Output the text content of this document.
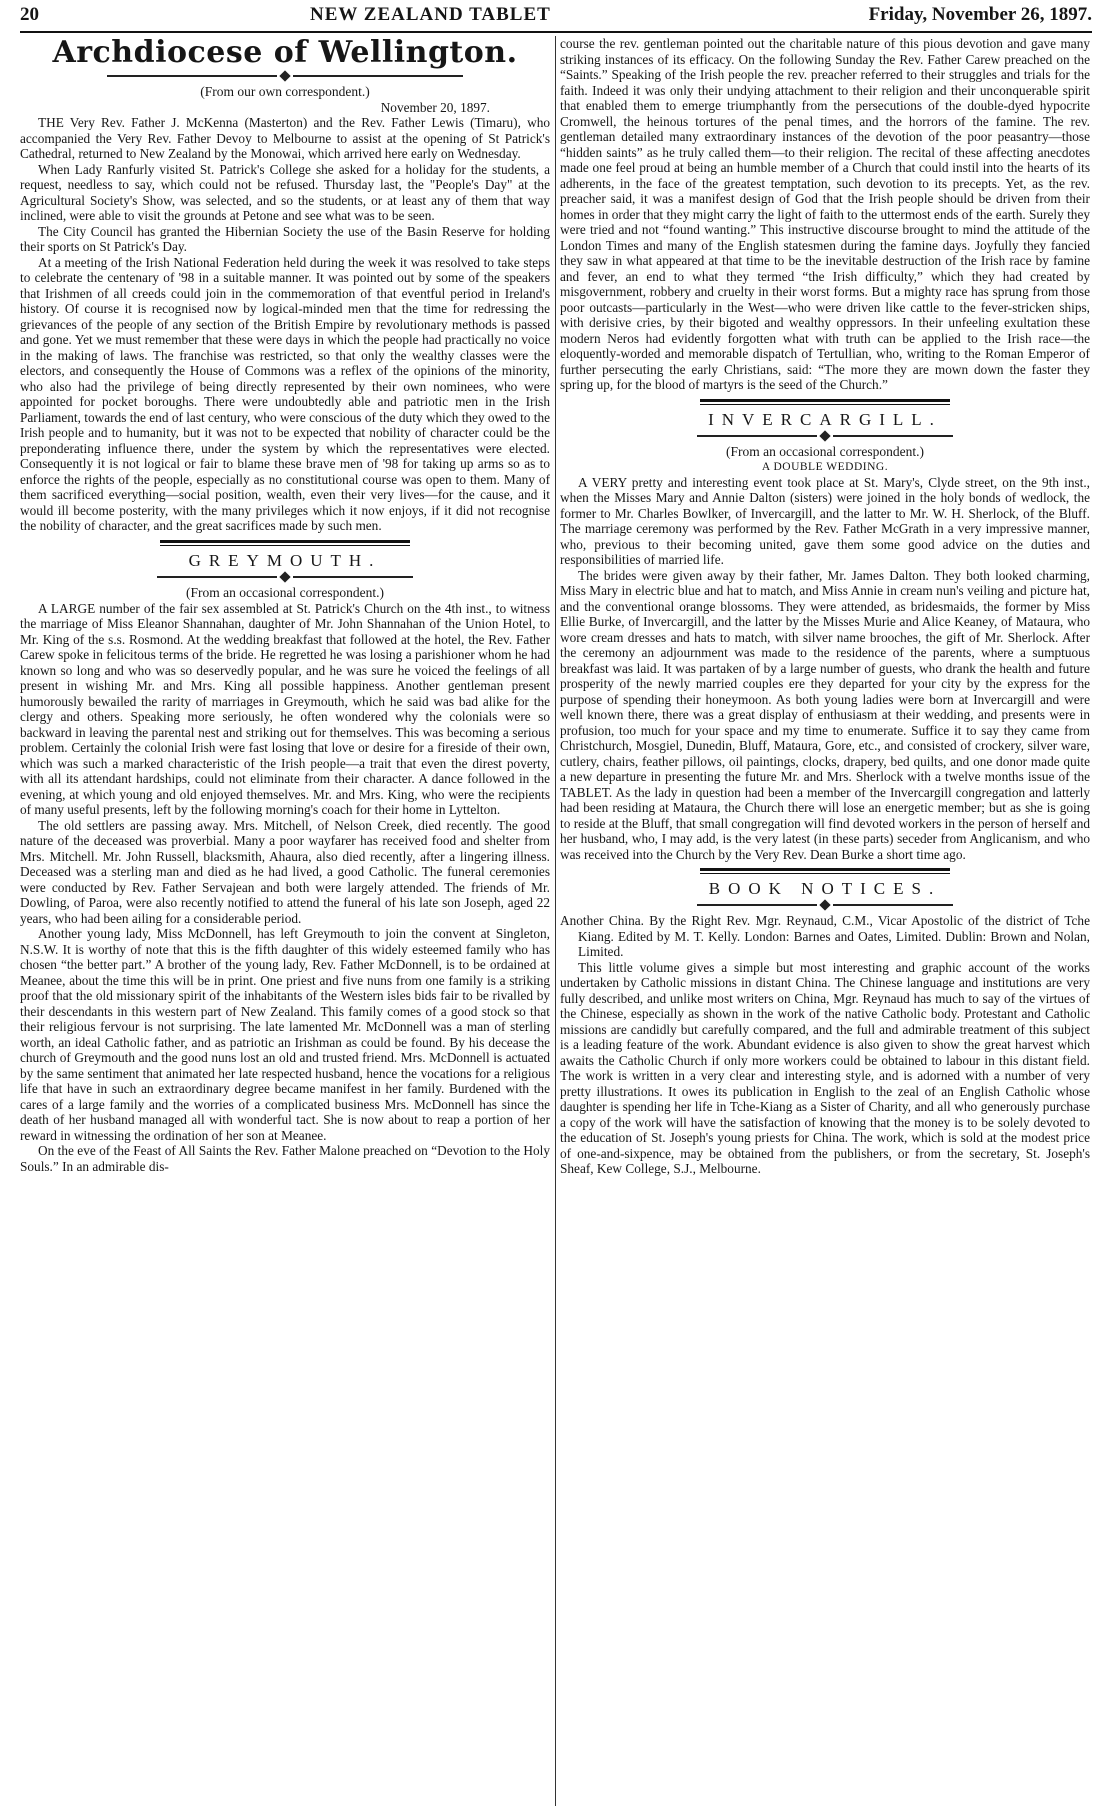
20	NEW ZEALAND TABLET	Friday, November 26, 1897.
Archdiocese of Wellington.

(From our own correspondent.)

November 20, 1897.

THE Very Rev. Father J. McKenna (Masterton) and the Rev. Father Lewis (Timaru), who accompanied the Very Rev. Father Devoy to Melbourne to assist at the opening of St Patrick's Cathedral, returned to New Zealand by the Monowai, which arrived here early on Wednesday.

When Lady Ranfurly visited St. Patrick's College she asked for a holiday for the students, a request, needless to say, which could not be refused. Thursday last, the "People's Day" at the Agricultural Society's Show, was selected, and so the students, or at least any of them that way inclined, were able to visit the grounds at Petone and see what was to be seen.

The City Council has granted the Hibernian Society the use of the Basin Reserve for holding their sports on St Patrick's Day.

At a meeting of the Irish National Federation held during the week it was resolved to take steps to celebrate the centenary of '98 in a suitable manner. It was pointed out by some of the speakers that Irishmen of all creeds could join in the commemoration of that eventful period in Ireland's history. Of course it is recognised now by logical-minded men that the time for redressing the grievances of the people of any section of the British Empire by revolutionary methods is passed and gone. Yet we must remember that these were days in which the people had practically no voice in the making of laws. The franchise was restricted, so that only the wealthy classes were the electors, and consequently the House of Commons was a reflex of the opinions of the minority, who also had the privilege of being directly represented by their own nominees, who were appointed for pocket boroughs. There were undoubtedly able and patriotic men in the Irish Parliament, towards the end of last century, who were conscious of the duty which they owed to the Irish people and to humanity, but it was not to be expected that nobility of character could be the preponderating influence there, under the system by which the representatives were elected. Consequently it is not logical or fair to blame these brave men of '98 for taking up arms so as to enforce the rights of the people, especially as no constitutional course was open to them. Many of them sacrificed everything—social position, wealth, even their very lives—for the cause, and it would ill become posterity, with the many privileges which it now enjoys, if it did not recognise the nobility of character, and the great sacrifices made by such men.

GREYMOUTH.

(From an occasional correspondent.)

A LARGE number of the fair sex assembled at St. Patrick's Church on the 4th inst., to witness the marriage of Miss Eleanor Shannahan, daughter of Mr. John Shannahan of the Union Hotel, to Mr. King of the s.s. Rosmond. At the wedding breakfast that followed at the hotel, the Rev. Father Carew spoke in felicitous terms of the bride. He regretted he was losing a parishioner whom he had known so long and who was so deservedly popular, and he was sure he voiced the feelings of all present in wishing Mr. and Mrs. King all possible happiness. Another gentleman present humorously bewailed the rarity of marriages in Greymouth, which he said was bad alike for the clergy and others. Speaking more seriously, he often wondered why the colonials were so backward in leaving the parental nest and striking out for themselves. This was becoming a serious problem. Certainly the colonial Irish were fast losing that love or desire for a fireside of their own, which was such a marked characteristic of the Irish people—a trait that even the direst poverty, with all its attendant hardships, could not eliminate from their character. A dance followed in the evening, at which young and old enjoyed themselves. Mr. and Mrs. King, who were the recipients of many useful presents, left by the following morning's coach for their home in Lyttelton.

The old settlers are passing away. Mrs. Mitchell, of Nelson Creek, died recently. The good nature of the deceased was proverbial. Many a poor wayfarer has received food and shelter from Mrs. Mitchell. Mr. John Russell, blacksmith, Ahaura, also died recently, after a lingering illness. Deceased was a sterling man and died as he had lived, a good Catholic. The funeral ceremonies were conducted by Rev. Father Servajean and both were largely attended. The friends of Mr. Dowling, of Paroa, were also recently notified to attend the funeral of his late son Joseph, aged 22 years, who had been ailing for a considerable period.

Another young lady, Miss McDonnell, has left Greymouth to join the convent at Singleton, N.S.W. It is worthy of note that this is the fifth daughter of this widely esteemed family who has chosen “the better part.” A brother of the young lady, Rev. Father McDonnell, is to be ordained at Meanee, about the time this will be in print. One priest and five nuns from one family is a striking proof that the old missionary spirit of the inhabitants of the Western isles bids fair to be rivalled by their descendants in this western part of New Zealand. This family comes of a good stock so that their religious fervour is not surprising. The late lamented Mr. McDonnell was a man of sterling worth, an ideal Catholic father, and as patriotic an Irishman as could be found. By his decease the church of Greymouth and the good nuns lost an old and trusted friend. Mrs. McDonnell is actuated by the same sentiment that animated her late respected husband, hence the vocations for a religious life that have in such an extraordinary degree became manifest in her family. Burdened with the cares of a large family and the worries of a complicated business Mrs. McDonnell has since the death of her husband managed all with wonderful tact. She is now about to reap a portion of her reward in witnessing the ordination of her son at Meanee.

On the eve of the Feast of All Saints the Rev. Father Malone preached on “Devotion to the Holy Souls.” In an admirable dis-

course the rev. gentleman pointed out the charitable nature of this pious devotion and gave many striking instances of its efficacy. On the following Sunday the Rev. Father Carew preached on the “Saints.” Speaking of the Irish people the rev. preacher referred to their struggles and trials for the faith. Indeed it was only their undying attachment to their religion and their unconquerable spirit that enabled them to emerge triumphantly from the persecutions of the double-dyed hypocrite Cromwell, the heinous tortures of the penal times, and the horrors of the famine. The rev. gentleman detailed many extraordinary instances of the devotion of the poor peasantry—those “hidden saints” as he truly called them—to their religion. The recital of these affecting anecdotes made one feel proud at being an humble member of a Church that could instil into the hearts of its adherents, in the face of the greatest temptation, such devotion to its precepts. Yet, as the rev. preacher said, it was a manifest design of God that the Irish people should be driven from their homes in order that they might carry the light of faith to the uttermost ends of the earth. Surely they were tried and not “found wanting.” This instructive discourse brought to mind the attitude of the London Times and many of the English statesmen during the famine days. Joyfully they fancied they saw in what appeared at that time to be the inevitable destruction of the Irish race by famine and fever, an end to what they termed “the Irish difficulty,” which they had created by misgovernment, robbery and cruelty in their worst forms. But a mighty race has sprung from those poor outcasts—particularly in the West—who were driven like cattle to the fever-stricken ships, with derisive cries, by their bigoted and wealthy oppressors. In their unfeeling exultation these modern Neros had evidently forgotten what with truth can be applied to the Irish race—the eloquently-worded and memorable dispatch of Tertullian, who, writing to the Roman Emperor of further persecuting the early Christians, said: “The more they are mown down the faster they spring up, for the blood of martyrs is the seed of the Church.”

INVERCARGILL.

(From an occasional correspondent.)

A DOUBLE WEDDING.

A VERY pretty and interesting event took place at St. Mary's, Clyde street, on the 9th inst., when the Misses Mary and Annie Dalton (sisters) were joined in the holy bonds of wedlock, the former to Mr. Charles Bowlker, of Invercargill, and the latter to Mr. W. H. Sherlock, of the Bluff. The marriage ceremony was performed by the Rev. Father McGrath in a very impressive manner, who, previous to their becoming united, gave them some good advice on the duties and responsibilities of married life.

The brides were given away by their father, Mr. James Dalton. They both looked charming, Miss Mary in electric blue and hat to match, and Miss Annie in cream nun's veiling and picture hat, and the conventional orange blossoms. They were attended, as bridesmaids, the former by Miss Ellie Burke, of Invercargill, and the latter by the Misses Murie and Alice Keaney, of Mataura, who wore cream dresses and hats to match, with silver name brooches, the gift of Mr. Sherlock. After the ceremony an adjournment was made to the residence of the parents, where a sumptuous breakfast was laid. It was partaken of by a large number of guests, who drank the health and future prosperity of the newly married couples ere they departed for your city by the express for the purpose of spending their honeymoon. As both young ladies were born at Invercargill and were well known there, there was a great display of enthusiasm at their wedding, and presents were in profusion, too much for your space and my time to enumerate. Suffice it to say they came from Christchurch, Mosgiel, Dunedin, Bluff, Mataura, Gore, etc., and consisted of crockery, silver ware, cutlery, chairs, feather pillows, oil paintings, clocks, drapery, bed quilts, and one donor made quite a new departure in presenting the future Mr. and Mrs. Sherlock with a twelve months issue of the TABLET. As the lady in question had been a member of the Invercargill congregation and latterly had been residing at Mataura, the Church there will lose an energetic member; but as she is going to reside at the Bluff, that small congregation will find devoted workers in the person of herself and her husband, who, I may add, is the very latest (in these parts) seceder from Anglicanism, and who was received into the Church by the Very Rev. Dean Burke a short time ago.

BOOK NOTICES.

Another China. By the Right Rev. Mgr. Reynaud, C.M., Vicar Apostolic of the district of Tche Kiang. Edited by M. T. Kelly. London: Barnes and Oates, Limited. Dublin: Brown and Nolan, Limited.

This little volume gives a simple but most interesting and graphic account of the works undertaken by Catholic missions in distant China. The Chinese language and institutions are very fully described, and unlike most writers on China, Mgr. Reynaud has much to say of the virtues of the Chinese, especially as shown in the work of the native Catholic body. Protestant and Catholic missions are candidly but carefully compared, and the full and admirable treatment of this subject is a leading feature of the work. Abundant evidence is also given to show the great harvest which awaits the Catholic Church if only more workers could be obtained to labour in this distant field. The work is written in a very clear and interesting style, and is adorned with a number of very pretty illustrations. It owes its publication in English to the zeal of an English Catholic whose daughter is spending her life in Tche-Kiang as a Sister of Charity, and all who generously purchase a copy of the work will have the satisfaction of knowing that the money is to be solely devoted to the education of St. Joseph's young priests for China. The work, which is sold at the modest price of one-and-sixpence, may be obtained from the publishers, or from the secretary, St. Joseph's Sheaf, Kew College, S.J., Melbourne.
